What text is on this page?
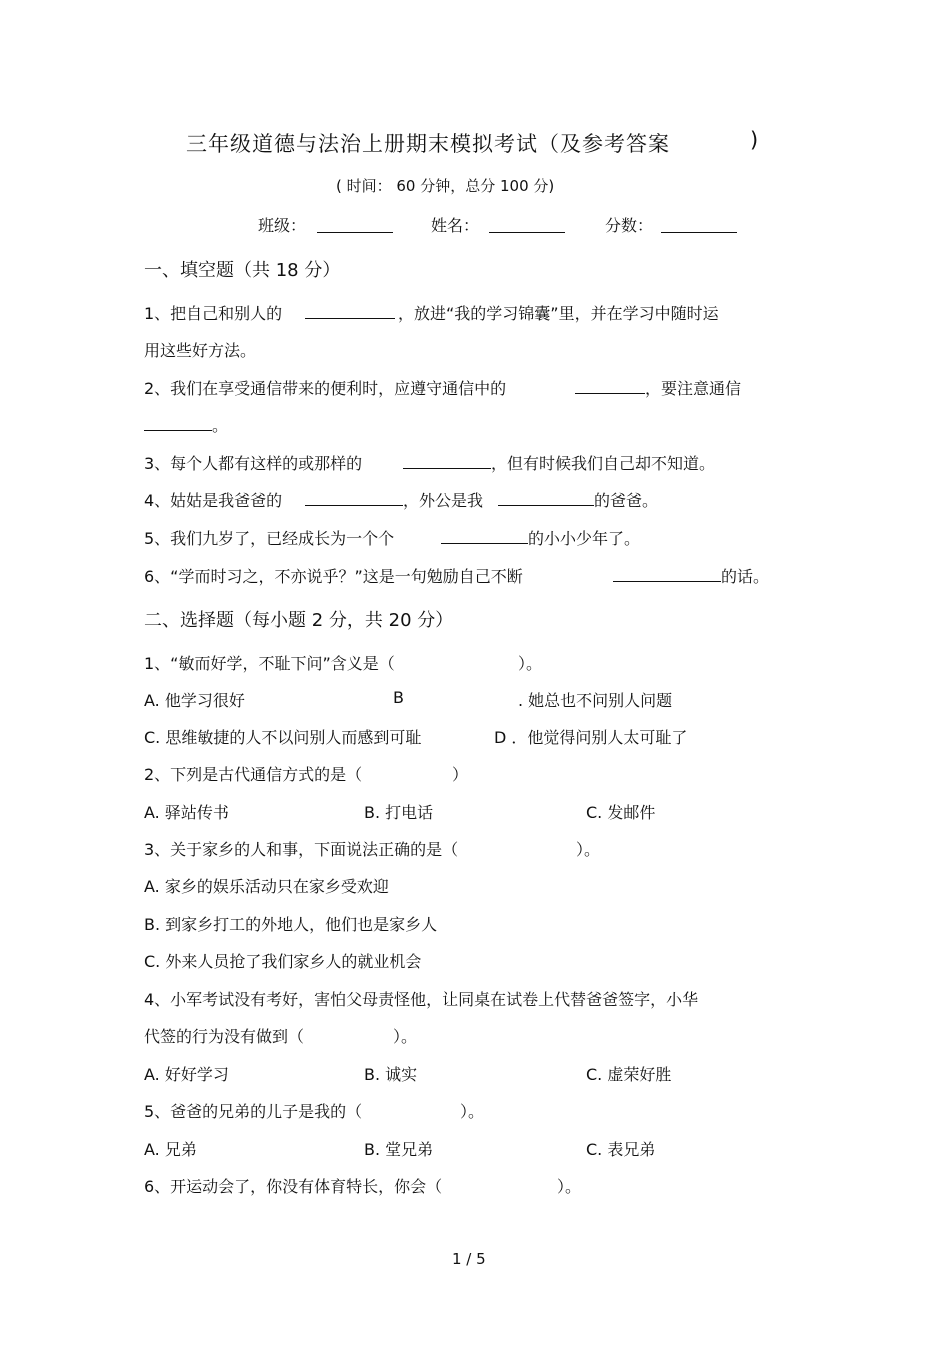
三年级道德与法治上册期末模拟考试（及参考答案	)
( 时间： 60 分钟，总分 100 分)
班级：	姓名：	分数：
一、填空题（共 18 分）
1、把自己和别人的	，放进“我的学习锦囊”里，并在学习中随时运
用这些好方法。
2、我们在享受通信带来的便利时，应遵守通信中的	，要注意通信
。
3、每个人都有这样的或那样的	，但有时候我们自己却不知道。
4、姑姑是我爸爸的	，外公是我	的爸爸。
5、我们九岁了，已经成长为一个个	的小小少年了。
6、“学而时习之，不亦说乎？”这是一句勉励自己不断	的话。
二、选择题（每小题 2 分，共 20 分）
1、“敏而好学，不耻下问”含义是（	）。
A. 他学习很好	B	. 她总也不问别人问题
C. 思维敏捷的人不以问别人而感到可耻	D ．他觉得问别人太可耻了
2、下列是古代通信方式的是（	）
A. 驿站传书	B. 打电话	C. 发邮件
3、关于家乡的人和事，下面说法正确的是（	）。
A. 家乡的娱乐活动只在家乡受欢迎
B. 到家乡打工的外地人，他们也是家乡人
C. 外来人员抢了我们家乡人的就业机会
4、小军考试没有考好，害怕父母责怪他，让同桌在试卷上代替爸爸签字，小华
代签的行为没有做到（	）。
A. 好好学习	B. 诚实	C. 虚荣好胜
5、爸爸的兄弟的儿子是我的（	）。
A. 兄弟	B. 堂兄弟	C. 表兄弟
6、开运动会了，你没有体育特长，你会（	）。
1 / 5
